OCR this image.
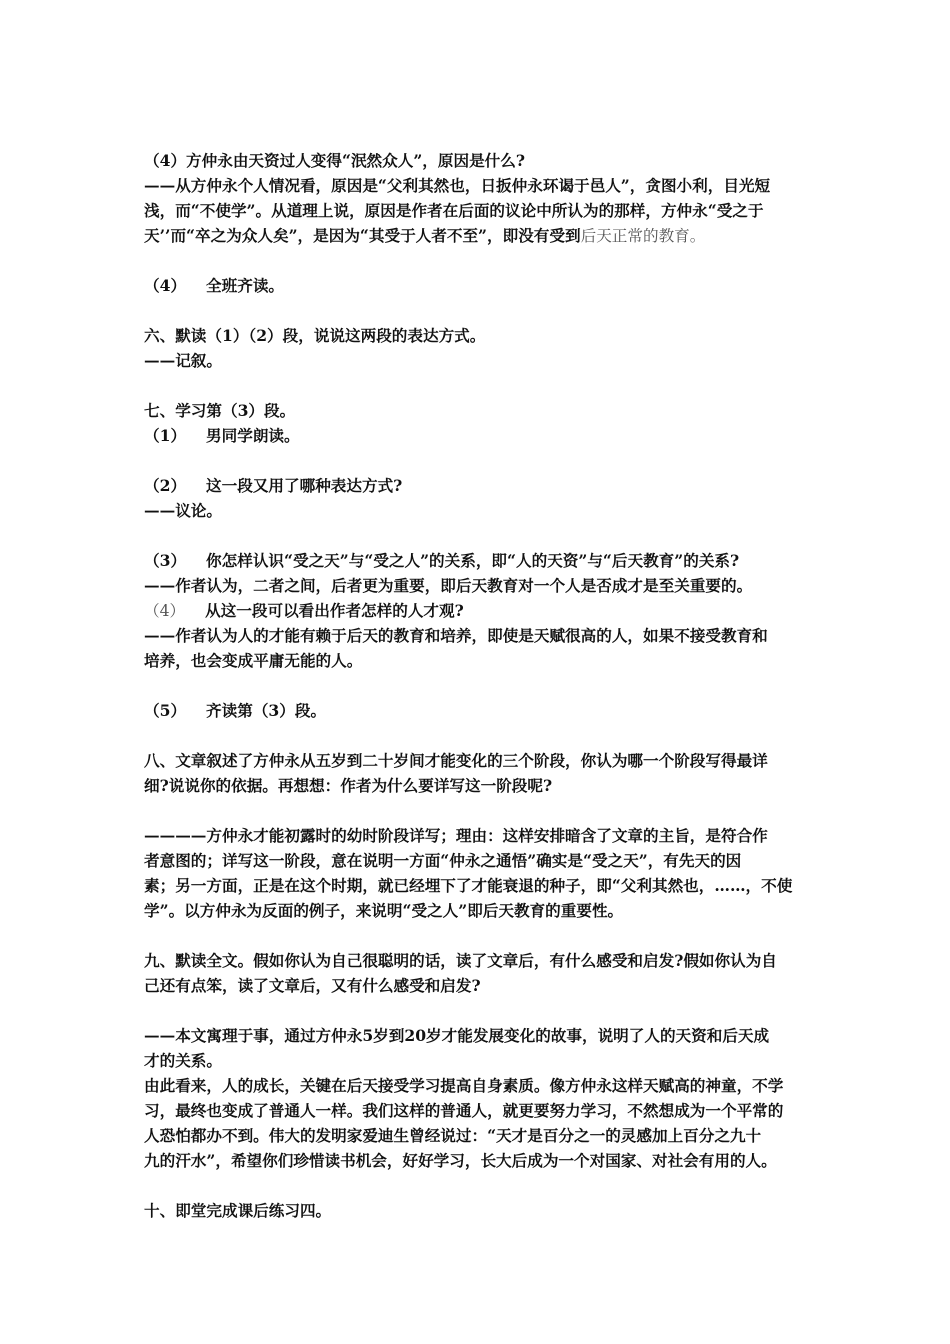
（4）方仲永由天资过人变得“泯然众人”，原因是什么?
——从方仲永个人情况看，原因是“父利其然也，日扳仲永环谒于邑人”，贪图小利，目光短
浅，而“不使学”。从道理上说，原因是作者在后面的议论中所认为的那样，方仲永“受之于
天’’而“卒之为众人矣”，是因为“其受于人者不至”，即没有受到后天正常的教育。
（4） 全班齐读。
六、默读（1）（2）段，说说这两段的表达方式。
——记叙。
七、学习第（3）段。
（1） 男同学朗读。
（2） 这一段又用了哪种表达方式?
——议论。
（3） 你怎样认识“受之天”与“受之人”的关系，即“人的天资”与“后天教育”的关系?
——作者认为，二者之间，后者更为重要，即后天教育对一个人是否成才是至关重要的。
（4） 从这一段可以看出作者怎样的人才观?
——作者认为人的才能有赖于后天的教育和培养，即使是天赋很高的人，如果不接受教育和
培养，也会变成平庸无能的人。
（5） 齐读第（3）段。
八、文章叙述了方仲永从五岁到二十岁间才能变化的三个阶段，你认为哪一个阶段写得最详
细?说说你的依据。再想想：作者为什么要详写这一阶段呢?
————方仲永才能初露时的幼时阶段详写；理由：这样安排暗含了文章的主旨，是符合作
者意图的；详写这一阶段，意在说明一方面“仲永之通悟”确实是“受之天”，有先天的因
素；另一方面，正是在这个时期，就已经埋下了才能衰退的种子，即“父利其然也，……，不使
学”。以方仲永为反面的例子，来说明“受之人”即后天教育的重要性。
九、默读全文。假如你认为自己很聪明的话，读了文章后，有什么感受和启发?假如你认为自
己还有点笨，读了文章后，又有什么感受和启发?
——本文寓理于事，通过方仲永5岁到20岁才能发展变化的故事，说明了人的天资和后天成
才的关系。
由此看来，人的成长，关键在后天接受学习提高自身素质。像方仲永这样天赋高的神童，不学
习，最终也变成了普通人一样。我们这样的普通人，就更要努力学习，不然想成为一个平常的
人恐怕都办不到。伟大的发明家爱迪生曾经说过：“天才是百分之一的灵感加上百分之九十
九的汗水”，希望你们珍惜读书机会，好好学习，长大后成为一个对国家、对社会有用的人。
十、即堂完成课后练习四。
